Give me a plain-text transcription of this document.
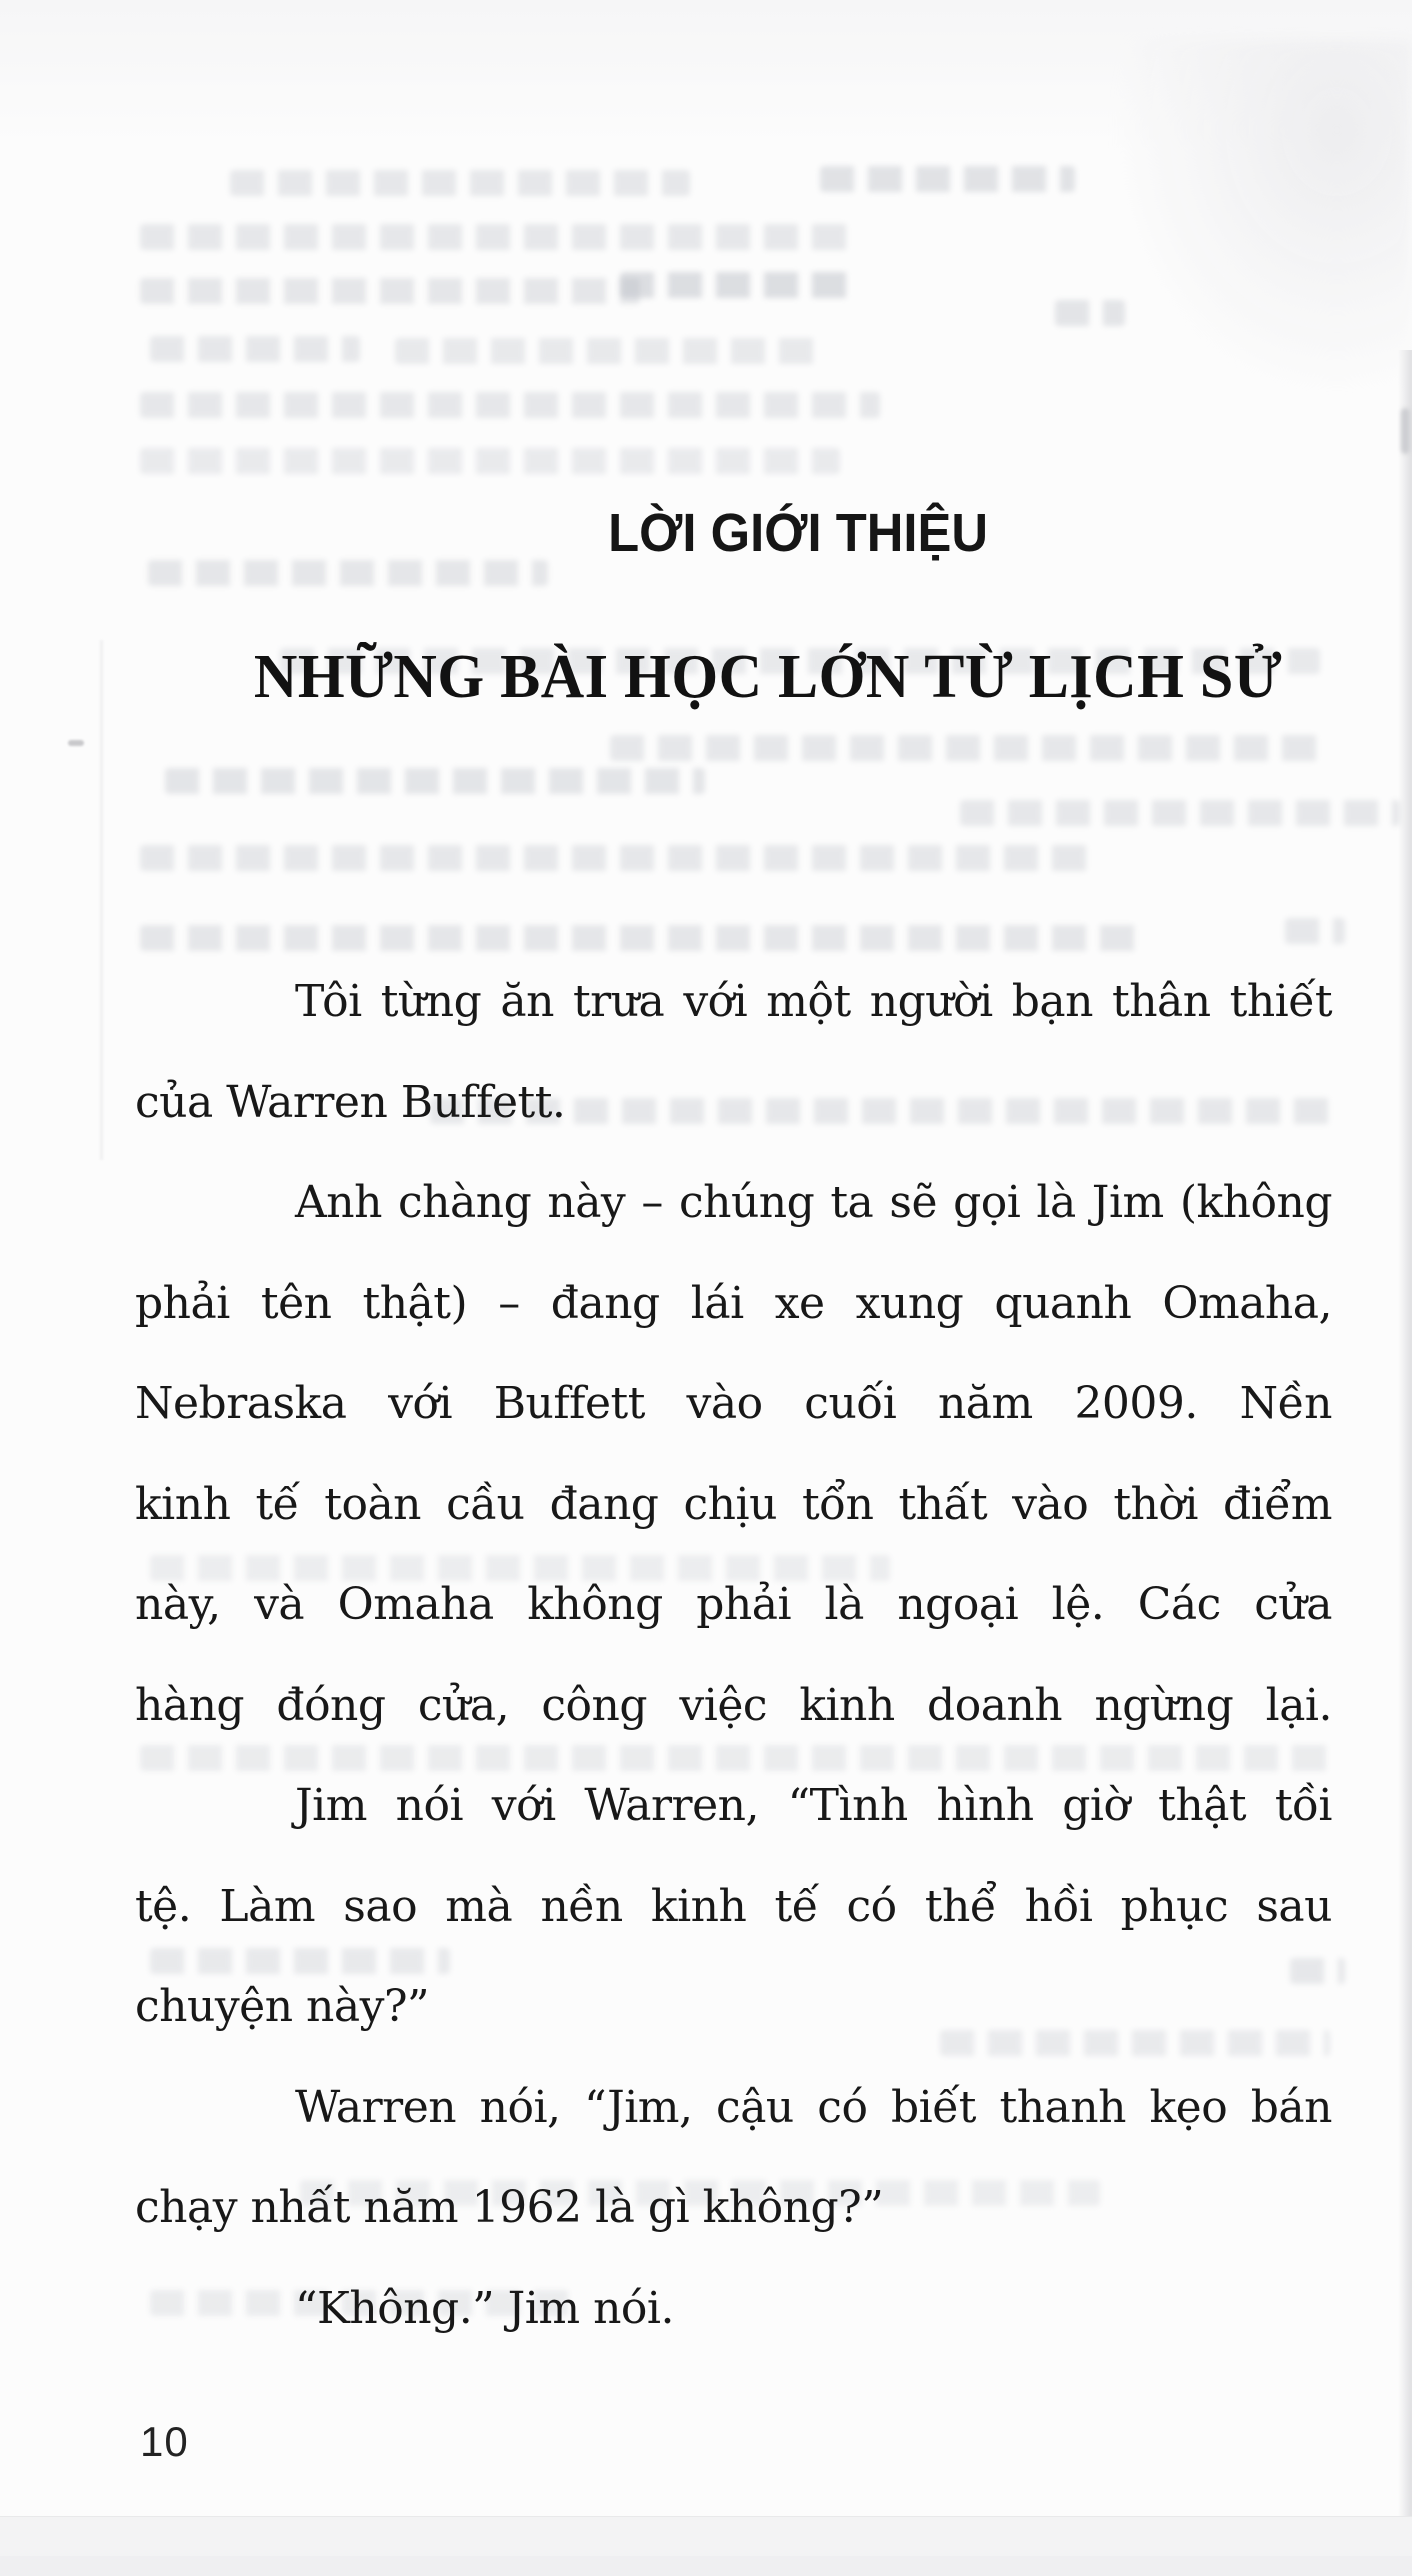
LỜI GIỚI THIỆU
NHỮNG BÀI HỌC LỚN TỪ LỊCH SỬ
Tôi từng ăn trưa với một người bạn thân thiết
của Warren Buffett.
Anh chàng này – chúng ta sẽ gọi là Jim (không
phải tên thật) – đang lái xe xung quanh Omaha,
Nebraska với Buffett vào cuối năm 2009. Nền
kinh tế toàn cầu đang chịu tổn thất vào thời điểm
này, và Omaha không phải là ngoại lệ. Các cửa
hàng đóng cửa, công việc kinh doanh ngừng lại.
Jim nói với Warren, “Tình hình giờ thật tồi
tệ. Làm sao mà nền kinh tế có thể hồi phục sau
chuyện này?”
Warren nói, “Jim, cậu có biết thanh kẹo bán
chạy nhất năm 1962 là gì không?”
“Không.” Jim nói.
10
